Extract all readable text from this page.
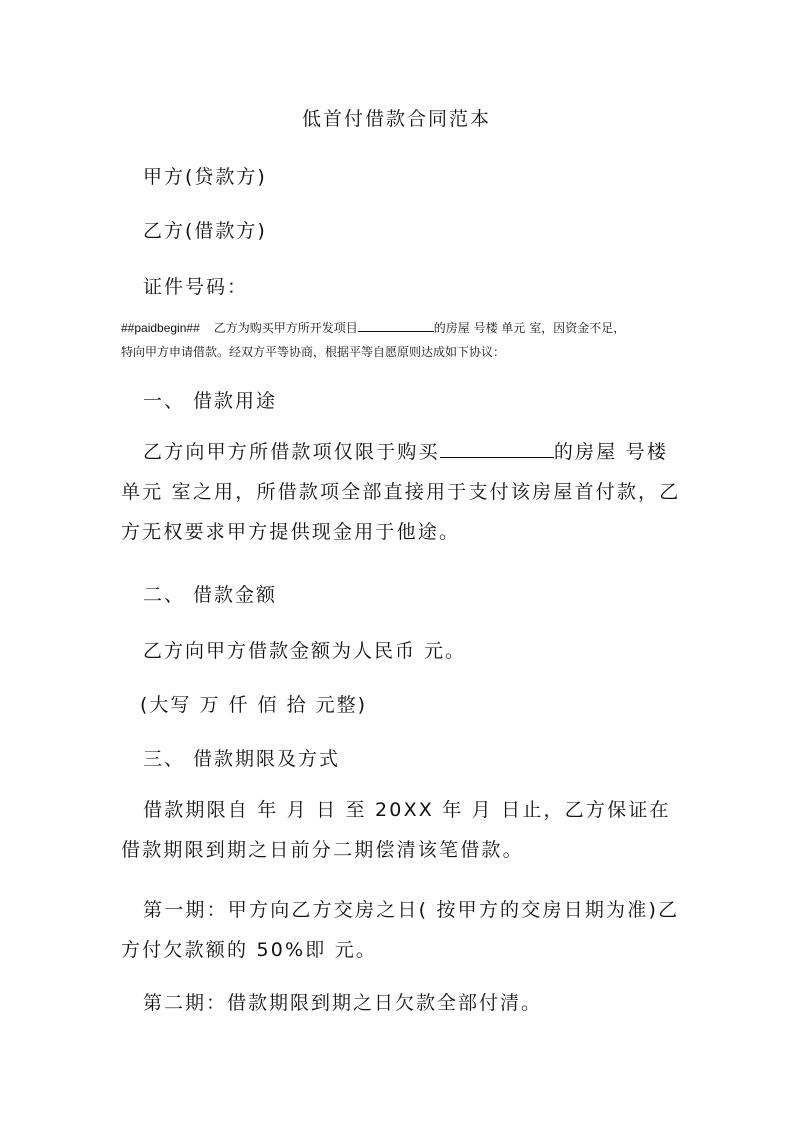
低首付借款合同范本
甲方(贷款方)
乙方(借款方)
证件号码：
##paidbegin## 乙方为购买甲方所开发项目	的房屋 号楼 单元 室，因资金不足，
特向甲方申请借款。经双方平等协商，根据平等自愿原则达成如下协议：
一、 借款用途
乙方向甲方所借款项仅限于购买	的房屋 号楼 单元 室之用，所借款项全部直接用于支付该房屋首付款，乙方无权要求甲方提供现金用于他途。
二、 借款金额
乙方向甲方借款金额为人民币 元。
(大写 万 仟 佰 拾 元整)
三、 借款期限及方式
借款期限自 年 月 日 至 20XX 年 月 日止，乙方保证在借款期限到期之日前分二期偿清该笔借款。
第一期：甲方向乙方交房之日( 按甲方的交房日期为准)乙方付欠款额的 50%即 元。
第二期：借款期限到期之日欠款全部付清。
